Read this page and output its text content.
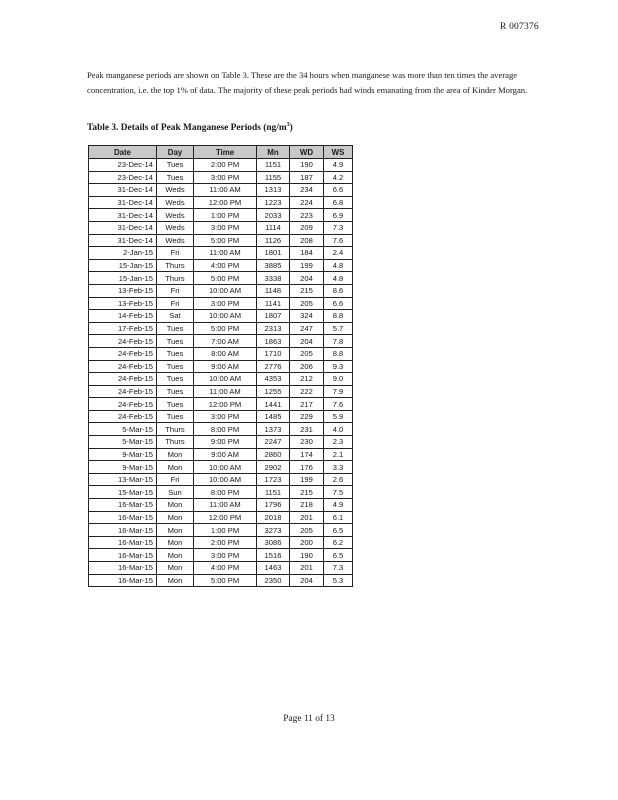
R 007376

Peak manganese periods are shown on Table 3. These are the 34 hours when manganese was more than ten times the average concentration, i.e. the top 1% of data. The majority of these peak periods had winds emanating from the area of Kinder Morgan.

Table 3. Details of Peak Manganese Periods $(ng/m^3)$
Date	Day	Time	Mn	WD	WS
23-Dec-14	Tues	2:00 PM	1151	190	4.9
23-Dec-14	Tues	3:00 PM	1155	187	4.2
31-Dec-14	Weds	11:00 AM	1313	234	6.6
31-Dec-14	Weds	12:00 PM	1223	224	6.8
31-Dec-14	Weds	1:00 PM	2033	223	6.9
31-Dec-14	Weds	3:00 PM	1114	209	7.3
31-Dec-14	Weds	5:00 PM	1126	208	7.6
2-Jan-15	Fri	11:00 AM	1801	184	2.4
15-Jan-15	Thurs	4:00 PM	3885	199	4.8
15-Jan-15	Thurs	5:00 PM	3338	204	4.8
13-Feb-15	Fri	10:00 AM	1148	215	8.6
13-Feb-15	Fri	3:00 PM	1141	205	6.6
14-Feb-15	Sat	10:00 AM	1807	324	8.8
17-Feb-15	Tues	5:00 PM	2313	247	5.7
24-Feb-15	Tues	7:00 AM	1863	204	7.8
24-Feb-15	Tues	8:00 AM	1710	205	8.8
24-Feb-15	Tues	9:00 AM	2776	206	9.3
24-Feb-15	Tues	10:00 AM	4353	212	9.0
24-Feb-15	Tues	11:00 AM	1255	222	7.9
24-Feb-15	Tues	12:00 PM	1441	217	7.6
24-Feb-15	Tues	3:00 PM	1485	229	5.9
5-Mar-15	Thurs	8:00 PM	1373	231	4.0
5-Mar-15	Thurs	9:00 PM	2247	230	2.3
9-Mar-15	Mon	9:00 AM	2860	174	2.1
9-Mar-15	Mon	10:00 AM	2902	176	3.3
13-Mar-15	Fri	10:00 AM	1723	199	2.6
15-Mar-15	Sun	8:00 PM	1151	215	7.5
16-Mar-15	Mon	11:00 AM	1796	218	4.9
16-Mar-15	Mon	12:00 PM	2018	201	6.1
16-Mar-15	Mon	1:00 PM	3273	205	6.5
16-Mar-15	Mon	2:00 PM	3086	200	6.2
16-Mar-15	Mon	3:00 PM	1516	190	6.5
16-Mar-15	Mon	4:00 PM	1463	201	7.3
16-Mar-15	Mon	5:00 PM	2350	204	5.3
Page 11 of 13
